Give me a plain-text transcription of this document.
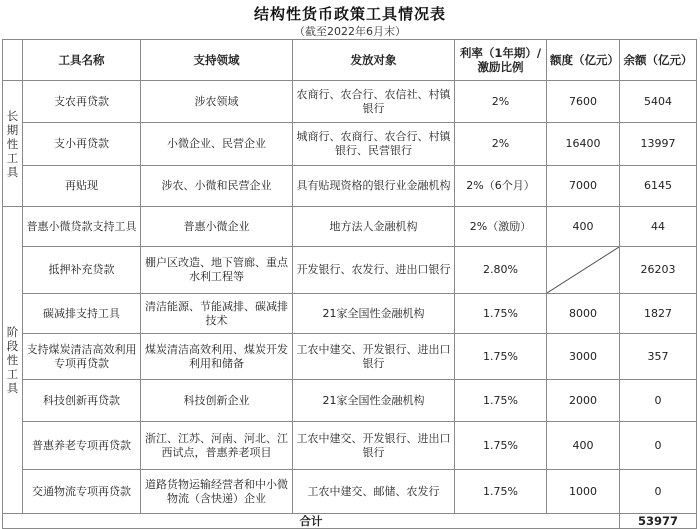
结构性货币政策工具情况表
（截至2022年6月末）
	工具名称	支持领域	发放对象	利率（1年期）/激励比例	额度（亿元）	余额（亿元）
长期性工具	支农再贷款	涉农领域	农商行、农合行、农信社、村镇银行	2%	7600	5404
	支小再贷款	小微企业、民营企业	城商行、农商行、农合行、村镇银行、民营银行	2%	16400	13997
	再贴现	涉农、小微和民营企业	具有贴现资格的银行业金融机构	2%（6个月）	7000	6145
阶段性工具	普惠小微贷款支持工具	普惠小微企业	地方法人金融机构	2%（激励）	400	44
	抵押补充贷款	棚户区改造、地下管廊、重点水利工程等	开发银行、农发行、进出口银行	2.80%		26203
	碳减排支持工具	清洁能源、节能减排、碳减排技术	21家全国性金融机构	1.75%	8000	1827
	支持煤炭清洁高效利用专项再贷款	煤炭清洁高效利用、煤炭开发利用和储备	工农中建交、开发银行、进出口银行	1.75%	3000	357
	科技创新再贷款	科技创新企业	21家全国性金融机构	1.75%	2000	0
	普惠养老专项再贷款	浙江、江苏、河南、河北、江西试点，普惠养老项目	工农中建交、开发银行、进出口银行	1.75%	400	0
	交通物流专项再贷款	道路货物运输经营者和中小微物流（含快递）企业	工农中建交、邮储、农发行	1.75%	1000	0
合计						53977
